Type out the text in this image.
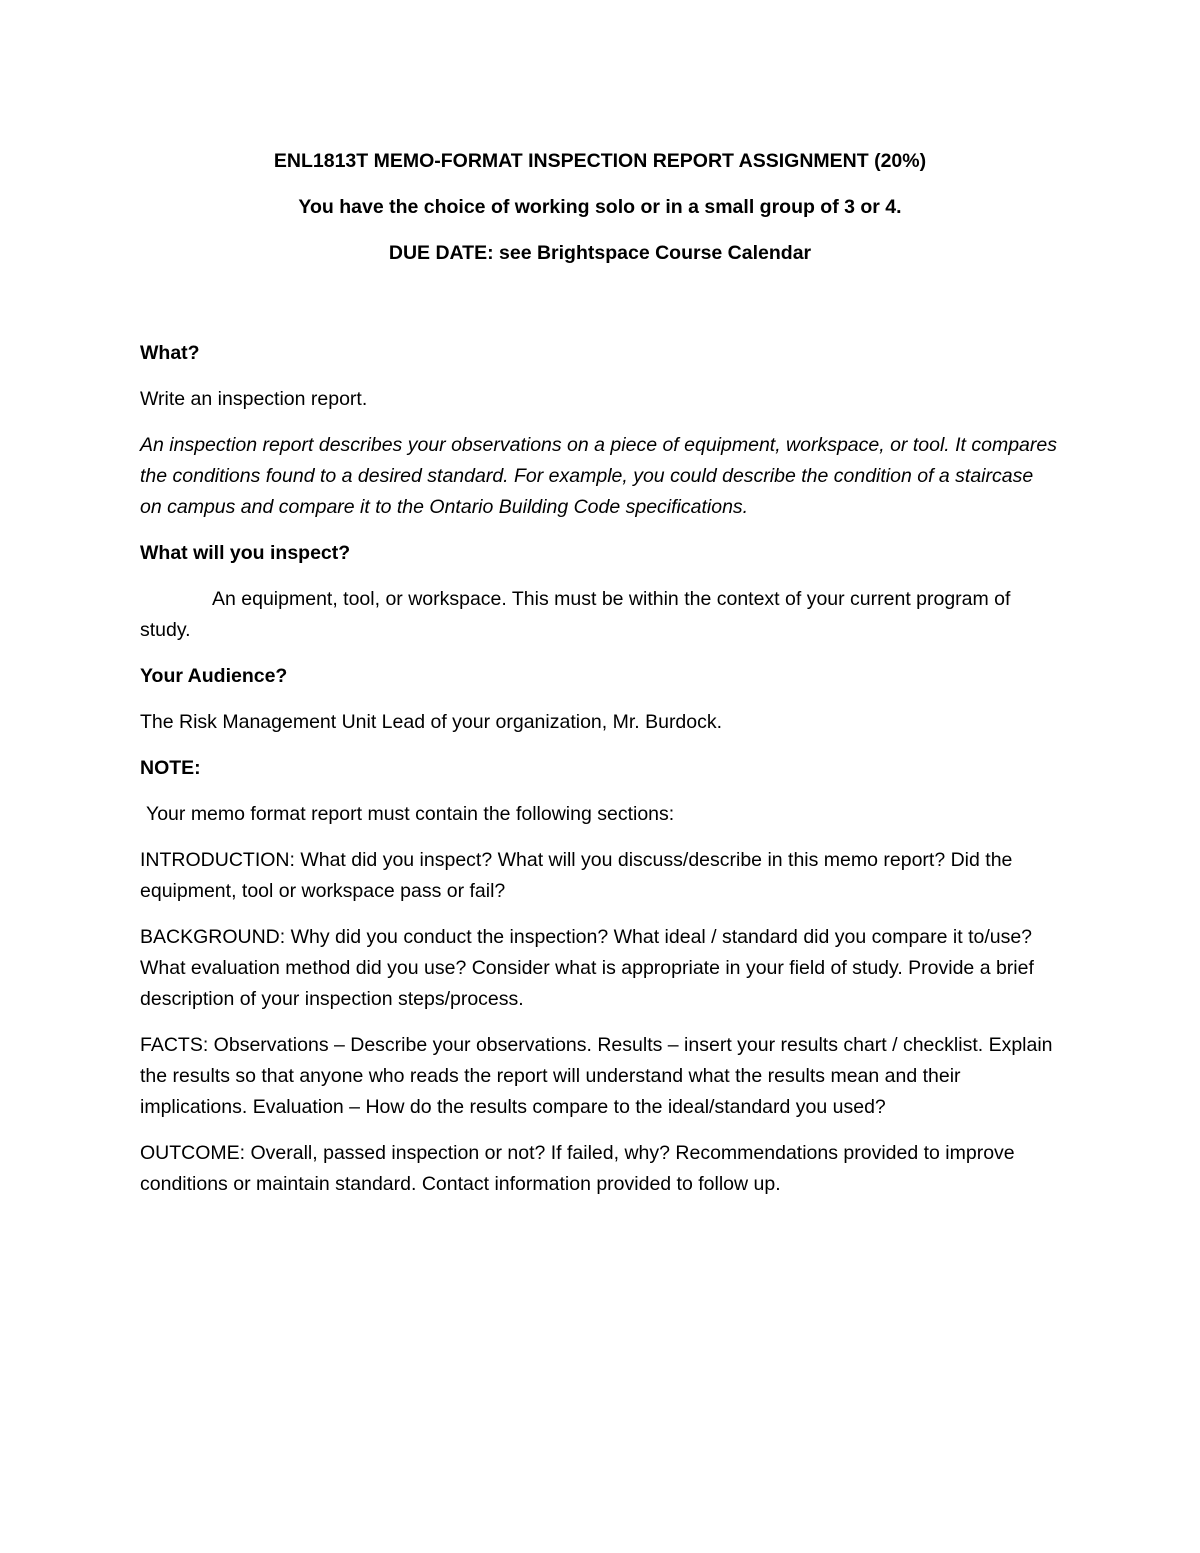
ENL1813T MEMO-FORMAT INSPECTION REPORT ASSIGNMENT (20%)

You have the choice of working solo or in a small group of 3 or 4.

DUE DATE: see Brightspace Course Calendar

What?

Write an inspection report.

An inspection report describes your observations on a piece of equipment, workspace, or tool. It compares the conditions found to a desired standard. For example, you could describe the condition of a staircase on campus and compare it to the Ontario Building Code specifications.

What will you inspect?

An equipment, tool, or workspace. This must be within the context of your current program of study.

Your Audience?

The Risk Management Unit Lead of your organization, Mr. Burdock.

NOTE:

Your memo format report must contain the following sections:

INTRODUCTION: What did you inspect? What will you discuss/describe in this memo report? Did the equipment, tool or workspace pass or fail?

BACKGROUND: Why did you conduct the inspection? What ideal / standard did you compare it to/use? What evaluation method did you use? Consider what is appropriate in your field of study. Provide a brief description of your inspection steps/process.

FACTS: Observations – Describe your observations. Results – insert your results chart / checklist. Explain the results so that anyone who reads the report will understand what the results mean and their implications. Evaluation – How do the results compare to the ideal/standard you used?

OUTCOME: Overall, passed inspection or not? If failed, why? Recommendations provided to improve conditions or maintain standard. Contact information provided to follow up.
